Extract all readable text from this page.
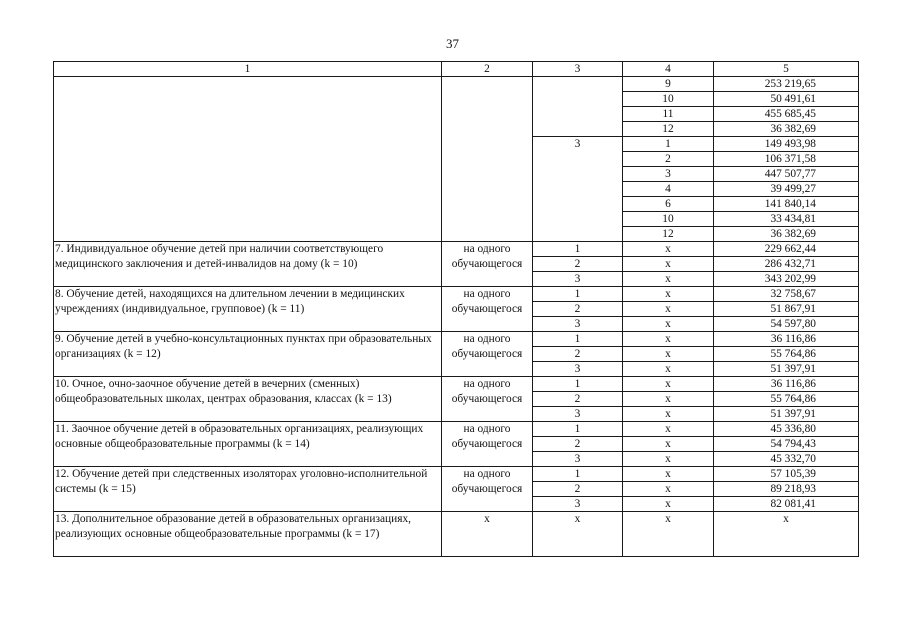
37
1	2	3	4	5
			9	253 219,65
			10	50 491,61
			11	455 685,45
			12	36 382,69
		3	1	149 493,98
			2	106 371,58
			3	447 507,77
			4	39 499,27
			6	141 840,14
			10	33 434,81
			12	36 382,69
7. Индивидуальное обучение детей при наличии соответствующего медицинского заключения и детей-инвалидов на дому (k = 10)	на одного обучающегося	1	x	229 662,44
		2	x	286 432,71
		3	x	343 202,99
8. Обучение детей, находящихся на длительном лечении в медицинских учреждениях (индивидуальное, групповое) (k = 11)	на одного обучающегося	1	x	32 758,67
		2	x	51 867,91
		3	x	54 597,80
9. Обучение детей в учебно-консультационных пунктах при образовательных организациях (k = 12)	на одного обучающегося	1	x	36 116,86
		2	x	55 764,86
		3	x	51 397,91
10. Очное, очно-заочное обучение детей в вечерних (сменных) общеобразовательных школах, центрах образования, классах (k = 13)	на одного обучающегося	1	x	36 116,86
		2	x	55 764,86
		3	x	51 397,91
11. Заочное обучение детей в образовательных организациях, реализующих основные общеобразовательные программы (k = 14)	на одного обучающегося	1	x	45 336,80
		2	x	54 794,43
		3	x	45 332,70
12. Обучение детей при следственных изоляторах уголовно-исполнительной системы (k = 15)	на одного обучающегося	1	x	57 105,39
		2	x	89 218,93
		3	x	82 081,41
13. Дополнительное образование детей в образовательных организациях, реализующих основные общеобразовательные программы (k = 17)	x	x	x	x
